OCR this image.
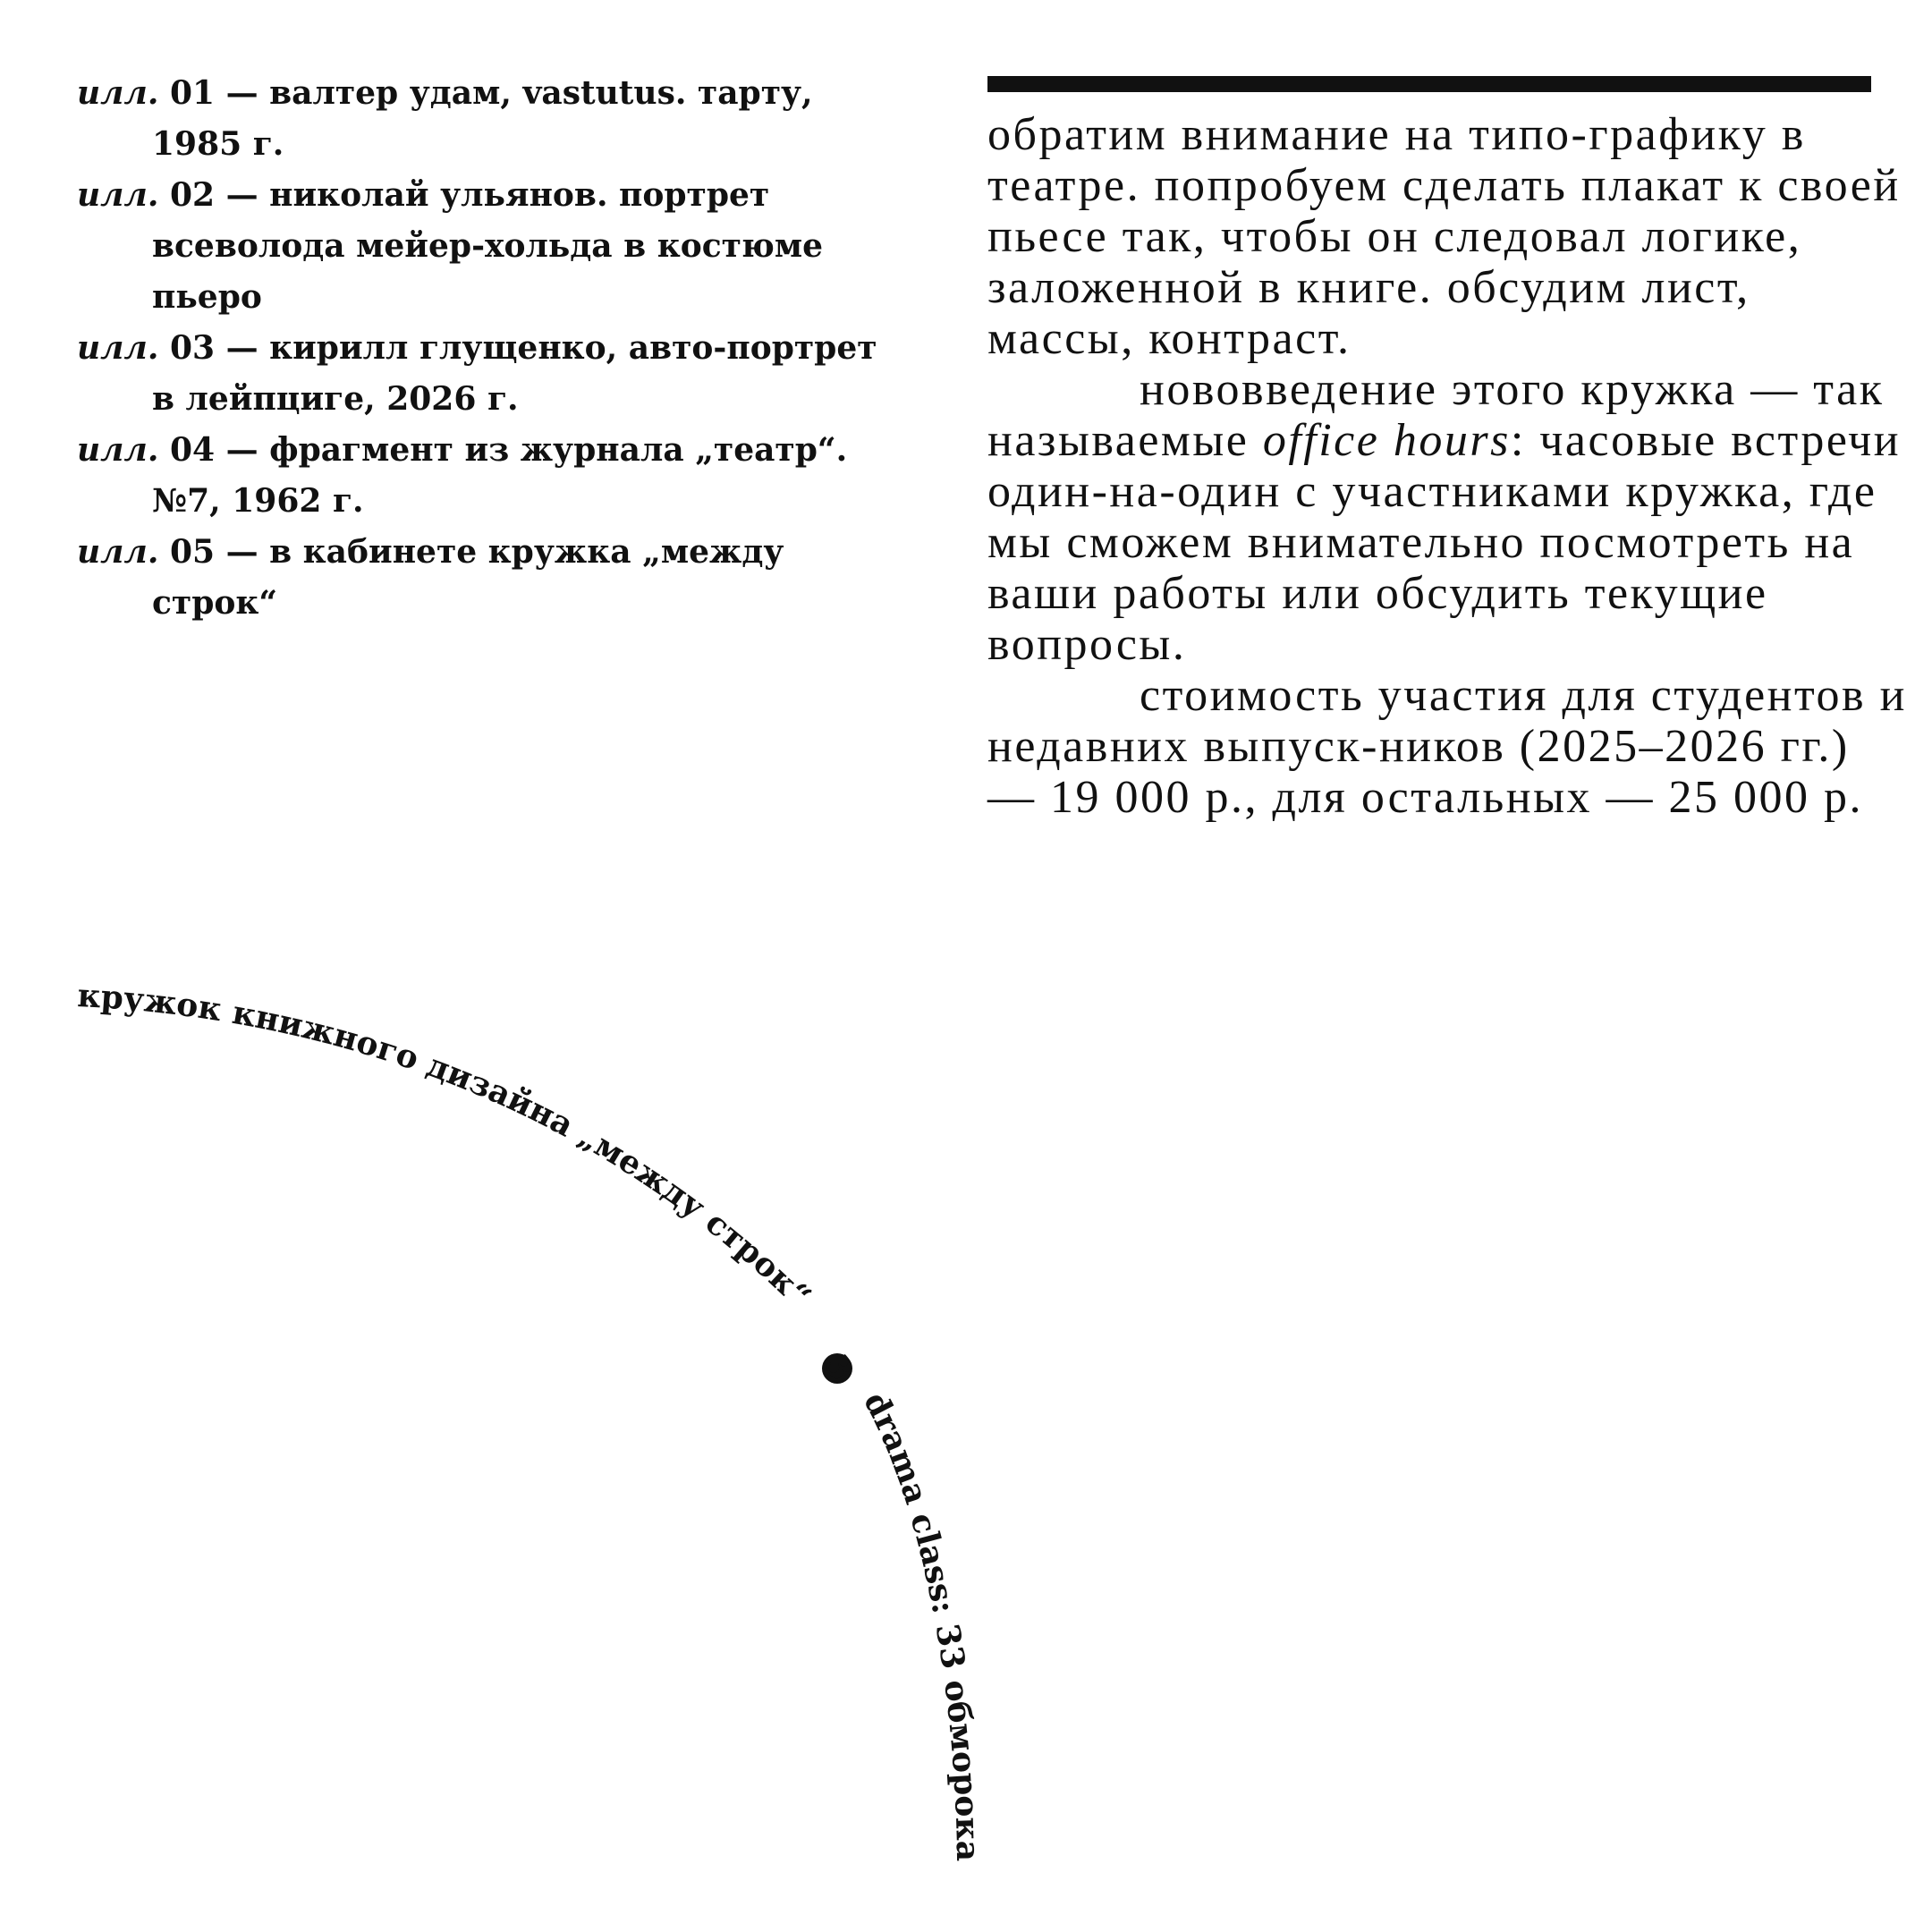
илл. 01 — валтер удам, vastutus. тарту, 1985 г.
илл. 02 — николай ульянов. портрет всеволода мейер-хольда в костюме пьеро
илл. 03 — кирилл глущенко, авто-портрет в лейпциге, 2026 г.
илл. 04 — фрагмент из журнала „театр“. №7, 1962 г.
илл. 05 — в кабинете кружка „между строк“

обратим внимание на типо-графику в театре. попробуем сделать плакат к своей пьесе так, чтобы он следовал логике, заложенной в книге. обсудим лист, массы, контраст.

нововведение этого кружка — так называемые office hours: часовые встречи один-на-один с участниками кружка, где мы сможем внимательно посмотреть на ваши работы или обсудить текущие вопросы.

стоимость участия для студентов и недавних выпуск-ников (2025–2026 гг.) — 19 000 р., для остальных — 25 000 р.

кружок книжного дизайна „между строк“
3
drama class: 33 обморока
